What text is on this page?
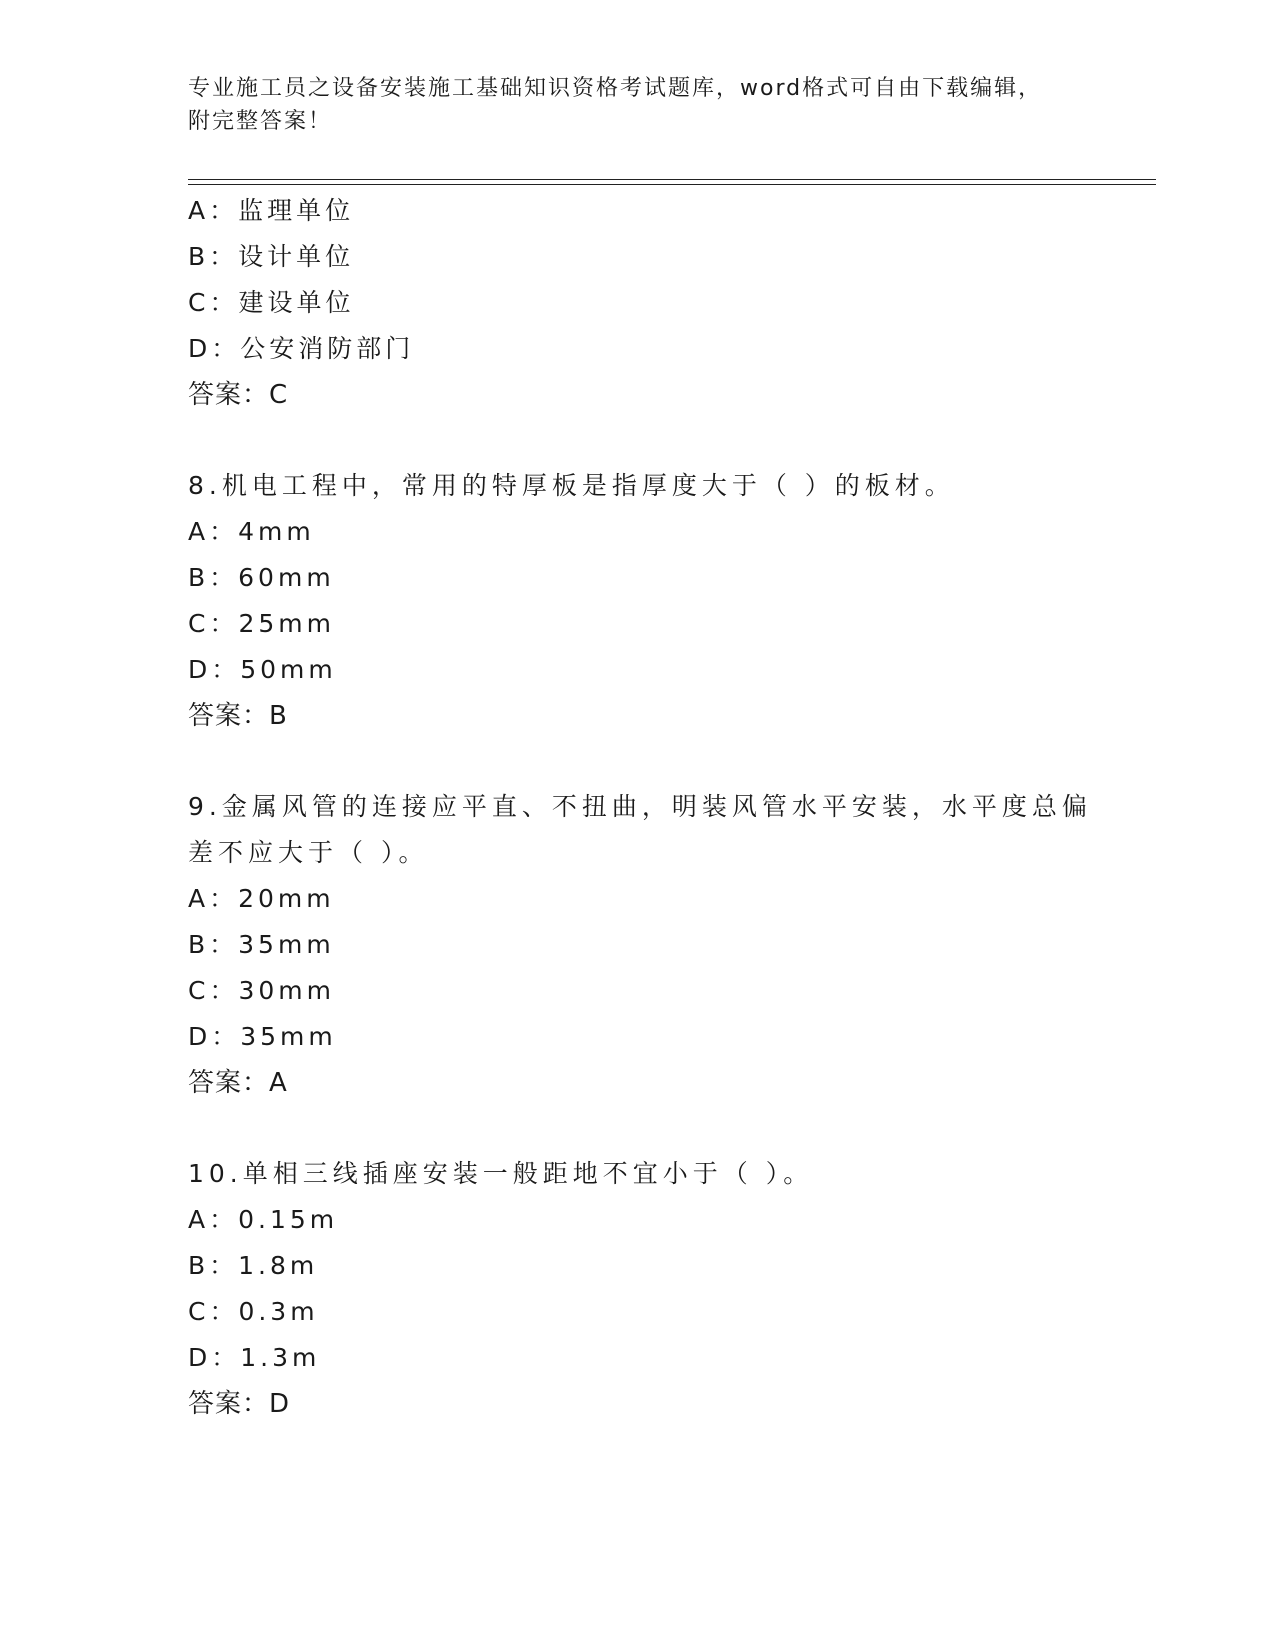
专业施工员之设备安装施工基础知识资格考试题库，word格式可自由下载编辑，
附完整答案！
A：监理单位
B：设计单位
C：建设单位
D：公安消防部门
答案：C
8.机电工程中，常用的特厚板是指厚度大于（ ）的板材。
A：4mm
B：60mm
C：25mm
D：50mm
答案：B
9.金属风管的连接应平直、不扭曲，明装风管水平安装，水平度总偏
差不应大于（ ）。
A：20mm
B：35mm
C：30mm
D：35mm
答案：A
10.单相三线插座安装一般距地不宜小于（ ）。
A：0.15m
B：1.8m
C：0.3m
D：1.3m
答案：D
